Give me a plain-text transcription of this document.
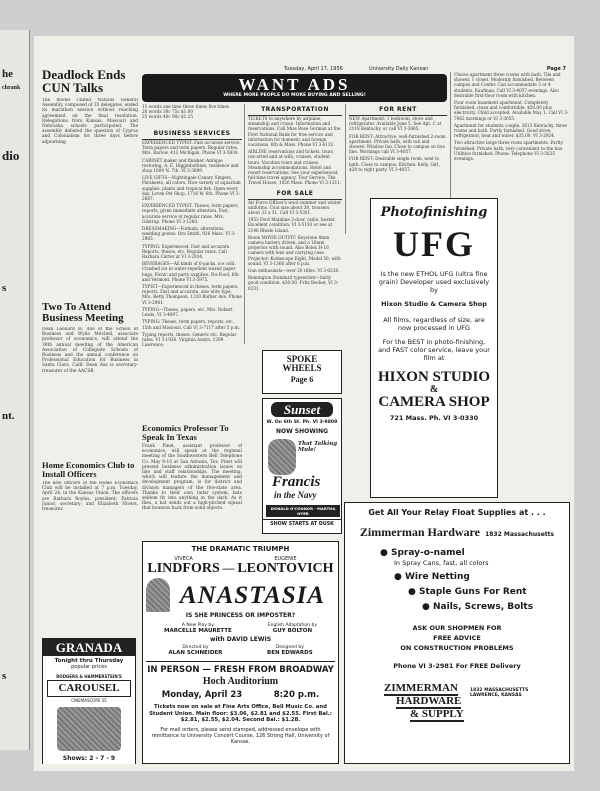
he
chrank
dio
s
nt.
s
Tuesday, April 17, 1956	University Daily Kansan	Page 7
Deadlock Ends CUN Talks
The model United Nations General Assembly, composed of 35 delegates, ended its marathon session without reaching agreement on the final resolution. Delegations from Kansas, Missouri and Nebraska schools participated. The assembly debated the question of Cyprus and Colonialism for three days before adjourning.
Two To Attend Business Meeting
Dean Leonard H. Axe of the School of Business and Wylie Mitchell, associate professor of economics, will attend the 38th annual meeting of the American Association of Collegiate Schools of Business and the annual conference on Professional Education for Business in Santa Clara, Calif. Dean Axe is secretary-treasurer of the AACSB.
Home Economics Club to Install Officers
The new officers of the Home Economics Club will be installed at 7 p.m. Tuesday, April 24, in the Kansas Union. The officers are Barbara Boyles, president; Patricia Junior, secretary; and Elizabeth Nivers, treasurer.
GRANADA
Tonight thru Thursday
popular prices
RODGERS & HAMMERSTEIN'S
CAROUSEL
CINEMASCOPE 55
Shows: 2 - 7 - 9
WANT ADS
WHERE MORE PEOPLE DO MORE BUYING AND SELLING!
15 words one time three times five times
20 words 30c 75c $1.00
25 words 40c 90c $1.25
BUSINESS SERVICES
EXPERIENCED TYPIST. Fast accurate service. Term papers and term papers. Regular rates. Mrs. Barlow, 413 Michigan. Phone VI 3-5834.
CABINET maker and finisher. Antique restoring. A. E. Higginbotham, residence and shop 1009 N. 7th. VI 3-3089.
LIVE GIFTS—Nightingale Canary Singers, Parakeets, all colors. Nice variety of aquarium supplies, plants and tropical fish. Open every day. Loven Pet Shop, 1716 W. 6th. Phone VI 3-2887.
EXPERIENCED TYPIST. Theses, term papers, reports, given immediate attention. Fast, accurate service at regular rates. Mrs. Gilstrap. Phone VI 3-1260.
DRESSMAKING—Formals, alterations, wedding gowns. Ora Smith, 926 Mass. VI 3-2965.
TYPING: Experienced. Fast and accurate. Reports, theses, etc. Regular rates. Call Barbara Carter at VI 3-2924.
BEVERAGES—All kinds of 6-packs, ice cold. Crushed ice in water-repellent waxed paper bags. Picnic and party supplies. Nu-Food, 6th and Vermont. Phone VI 3-5975.
TYPIST—Experienced in theses, term papers, reports. Fast and accurate, also elite type. Mrs. Betty Thompson, 1310 Barker Ave. Phone VI 3-2981.
TYPING—Theses, papers, etc. Mrs. Robert Lewis, VI 3-4097.
TYPING: Theses, term papers, reports, etc. 15th and Missouri. Call VI 3-7117 after 5 p.m.
Typing reports, theses. Generic etc. Regular rates. VI 3-1926. Virginia Ansyn, 1309 Lawrence.
Economics Professor To Speak In Texas
Frank Pinet, assistant professor of economics, will speak at the regional meeting of the Southwestern Bell Telephone Co. May 9-10 at San Antonio, Tex. Pinet will present business administration issues on line and staff relationships. The meeting, which will feature the management and development program, is for district and division managers of the five-state area. Thanks to their own radar system, bats seldom fly into anything in the dark. As it flies, a bat sends out a high-pitched squeal that bounces back from solid objects.
TRANSPORTATION
TICKETS to anywhere by airplane, steamship and cruise. Information and reservations. Call Miss Rose Gorman at the First National Bank for free service and information for domestic and foreign vacations. 6th & Mass. Phone VI 3-6132.
AIRLINE reservations and tickets, tours (escorted and at-will), cruises, student tours. Vacation tours and cruises. Steamship accommodations. Hotel and resort reservations. See your experienced, full-time travel agency. Tour Service, The Travel House, 1026 Mass. Phone VI 3-1211.
FOR SALE
Air Force Officer's wool summer and winter uniforms. Coat size about 38, trousers about 32 x 31. Call VI 3-5301.
1953 Ford Mainline 2-door, radio, heater. Excellent condition. VI 3-5193 or see at 2146 Rhode Island.
Room MOVIE OUTFIT: Keystone 8mm camera battery driven, and a 16mm projector with sound. Also Bolex H-16 camera with lens and carrying case. Projector: Kodascope Eight, Model 50, with sound. VI 3-1366 after 6 p.m.
Gun enthusiasts—over 20 rifles. VI 3-0238.
Remington Standard typewriter—fairly good condition. $30.00. Fritz Becker, VI 3-0231.
FOR RENT
NEW Apartment: 1 bedroom, stove and refrigerator. Available June 5. See Apt. C at 2118 Kentucky, or call VI 3-3865.
FOR RENT: Attractive, well-furnished 2-room apartment. Private bath, with tub and shower. Window fan. Close to campus on bus line. Mornings call VI 3-4057.
FOR RENT: Desirable single room, next to bath. Close to campus. Kitchen. Kelly. Girl, $28 to right party. VI 3-4057.
Choice apartment three rooms with bath. Tile and shower, 1 closet. Modernly furnished. Between campus and Confer. Can accommodate 3 or 4 students. Kaufman, Call VI 3-4057 evenings. Also desirable first-floor room with kitchen.
Four room basement apartment. Completely furnished, clean and comfortable. $50.00 plus electricity. Child accepted. Available May 1. Call VI 3-7062 mornings or VI 3-3055.
Apartment for students couple, 2613 Kentucky, three rooms and bath. Partly furnished. Good stove, refrigerator, heat and water. $35.00. VI 3-2924.
Two attractive large three room apartments. Partly furnished. Private bath, very convenient to the bus. Utilities furnished. Phone: Telephone VI 3-5625 evenings.
SPOKE
WHEELS
Page 6
Sunset
W. On 6th St. Ph. VI 3-9809
NOW SHOWING
That Talking Mule!
Francis
in the Navy
DONALD O'CONNOR · MARTHA HYER
SHOW STARTS AT DUSK
Photofinishing
UFG
Is the new ETHOL UFG (ultra fine grain) Developer used exclusively by
Hixon Studio & Camera Shop
All films, regardless of size, are now processed in UFG
For the BEST in photo-finishing, and FAST color service, leave your film at
HIXON STUDIO
&
CAMERA SHOP
721 Mass. Ph. VI 3-0330
THE DRAMATIC TRIUMPH
VIVECA
LINDFORS —
EUGENIE
LEONTOVICH
ANASTASIA
IS SHE PRINCESS OR IMPOSTER?
A New Play by
MARCELLE MAURETTE
English Adaptation by
GUY BOLTON
with DAVID LEWIS
Directed by
ALAN SCHNEIDER
Designed by
BEN EDWARDS
IN PERSON — FRESH FROM BROADWAY
Hoch Auditorium
Monday, April 23	8:20 p.m.
Tickets now on sale at Fine Arts Office, Bell Music Co. and Student Union. Main floor: $3.06, $2.81 and $2.55. First Bal.: $2.81, $2.55, $2.04. Second Bal.: $1.28.
For mail orders, please send stamped, addressed envelope with remittance to University Concert Course, 126 Strong Hall, University of Kansas.
Get All Your Relay Float Supplies at . . .
Zimmerman Hardware 1832 Massachusetts
● Spray-o-namel
In Spray Cans, fast, all colors
● Wire Netting
● Staple Guns For Rent
● Nails, Screws, Bolts
ASK OUR SHOPMEN FOR
FREE ADVICE
ON CONSTRUCTION PROBLEMS
Phone VI 3-2981 For FREE Delivery
ZIMMERMAN
HARDWARE
& SUPPLY
1832 MASSACHUSETTS LAWRENCE, KANSAS
